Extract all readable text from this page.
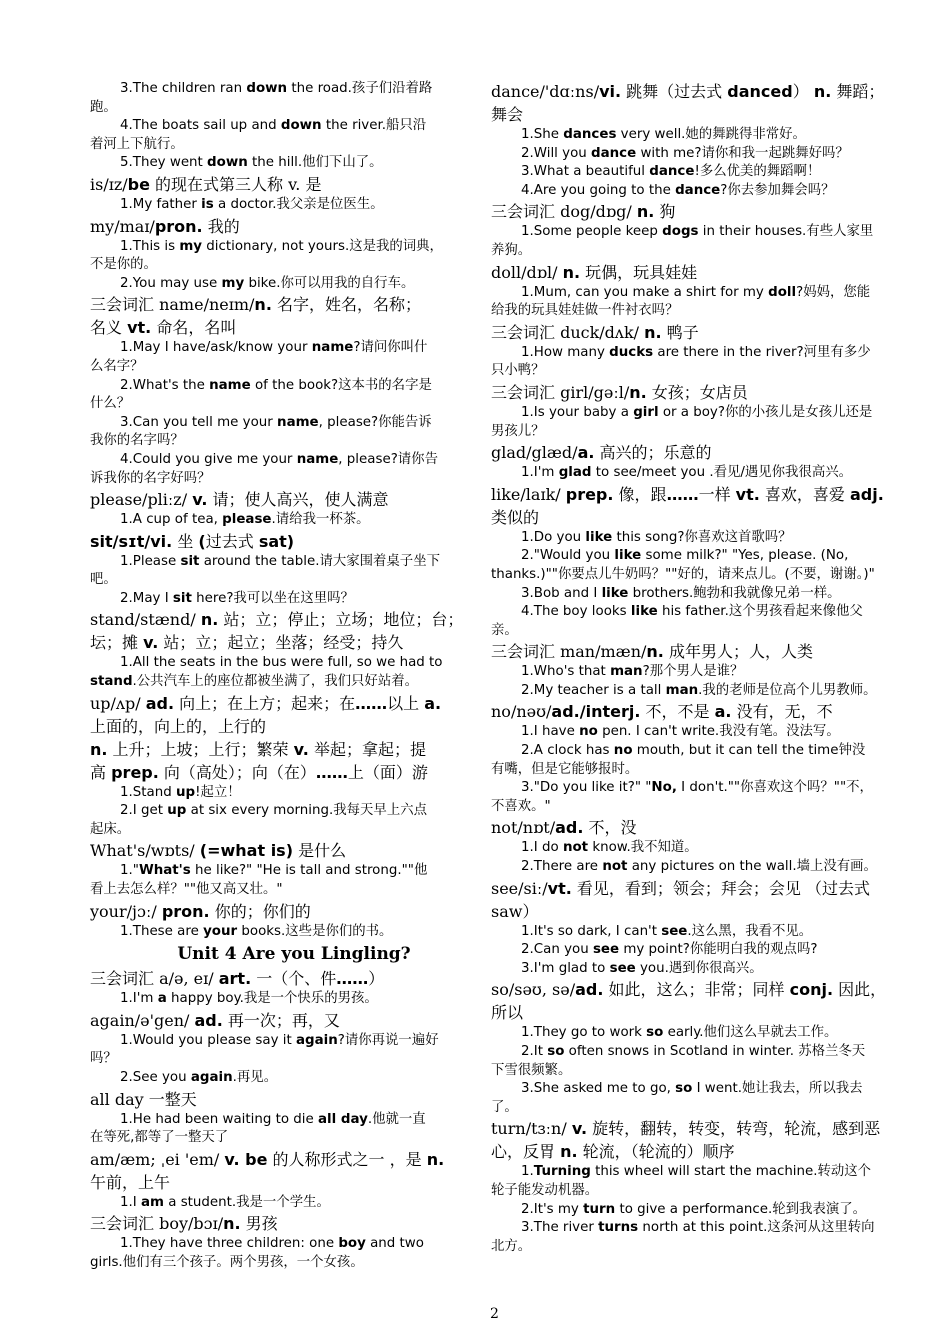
3.The children ran down the road.孩子们沿着路
跑。
4.The boats sail up and down the river.船只沿
着河上下航行。
5.They went down the hill.他们下山了。
is/ɪz/be 的现在式第三人称 v. 是
1.My father is a doctor.我父亲是位医生。
my/maɪ/pron. 我的
1.This is my dictionary, not yours.这是我的词典，
不是你的。
2.You may use my bike.你可以用我的自行车。
三会词汇 name/neɪm/n. 名字，姓名，名称；
名义 vt. 命名，名叫
1.May I have/ask/know your name?请问你叫什
么名字？
2.What's the name of the book?这本书的名字是
什么？
3.Can you tell me your name, please?你能告诉
我你的名字吗？
4.Could you give me your name, please?请你告
诉我你的名字好吗？
please/pliːz/ v. 请；使人高兴，使人满意
1.A cup of tea, please.请给我一杯茶。
sit/sɪt/vi. 坐 (过去式 sat)
1.Please sit around the table.请大家围着桌子坐下
吧。
2.May I sit here?我可以坐在这里吗？
stand/stænd/ n. 站；立；停止；立场；地位；台；
坛；摊 v. 站；立；起立；坐落；经受；持久
1.All the seats in the bus were full, so we had to
stand.公共汽车上的座位都被坐满了，我们只好站着。
up/ʌp/ ad. 向上；在上方；起来；在……以上 a.
上面的，向上的，上行的
n. 上升；上坡；上行；繁荣 v. 举起；拿起；提
高 prep. 向（高处）；向（在）……上（面）游
1.Stand up!起立！
2.I get up at six every morning.我每天早上六点
起床。
What's/wɒts/ (=what is) 是什么
1."What's he like?" "He is tall and strong.""他
看上去怎么样？""他又高又壮。"
your/jɔː/ pron. 你的；你们的
1.These are your books.这些是你们的书。
Unit 4 Are you Lingling?
三会词汇 a/ə, eɪ/ art. 一（个、件……）
1.I'm a happy boy.我是一个快乐的男孩。
again/ə'gen/ ad. 再一次；再，又
1.Would you please say it again?请你再说一遍好
吗？
2.See you again.再见。
all day 一整天
1.He had been waiting to die all day.他就一直
在等死,都等了一整天了
am/æm; ˌei 'em/ v. be 的人称形式之一 ，是 n.
午前，上午
1.I am a student.我是一个学生。
三会词汇 boy/bɔɪ/n. 男孩
1.They have three children: one boy and two
girls.他们有三个孩子。两个男孩，一个女孩。
dance/'dɑːns/vi. 跳舞（过去式 danced） n. 舞蹈；
舞会
1.She dances very well.她的舞跳得非常好。
2.Will you dance with me?请你和我一起跳舞好吗？
3.What a beautiful dance!多么优美的舞蹈啊！
4.Are you going to the dance?你去参加舞会吗？
三会词汇 dog/dɒg/ n. 狗
1.Some people keep dogs in their houses.有些人家里
养狗。
doll/dɒl/ n. 玩偶，玩具娃娃
1.Mum, can you make a shirt for my doll?妈妈，您能
给我的玩具娃娃做一件衬衣吗？
三会词汇 duck/dʌk/ n. 鸭子
1.How many ducks are there in the river?河里有多少
只小鸭？
三会词汇 girl/gəːl/n. 女孩；女店员
1.Is your baby a girl or a boy?你的小孩儿是女孩儿还是
男孩儿？
glad/glæd/a. 高兴的；乐意的
1.I'm glad to see/meet you .看见/遇见你我很高兴。
like/laɪk/ prep. 像，跟……一样 vt. 喜欢，喜爱 adj.
类似的
1.Do you like this song?你喜欢这首歌吗？
2."Would you like some milk?" "Yes, please. (No,
thanks.)""你要点儿牛奶吗？""好的，请来点儿。(不要，谢谢。)"
3.Bob and I like brothers.鲍勃和我就像兄弟一样。
4.The boy looks like his father.这个男孩看起来像他父
亲。
三会词汇 man/mæn/n. 成年男人；人，人类
1.Who's that man?那个男人是谁？
2.My teacher is a tall man.我的老师是位高个儿男教师。
no/nəʊ/ad./interj. 不，不是 a. 没有，无，不
1.I have no pen. I can't write.我没有笔。没法写。
2.A clock has no mouth, but it can tell the time钟没
有嘴，但是它能够报时。
3."Do you like it?" "No, I don't.""你喜欢这个吗？""不，
不喜欢。"
not/nɒt/ad. 不，没
1.I do not know.我不知道。
2.There are not any pictures on the wall.墙上没有画。
see/siː/vt. 看见，看到；领会；拜会；会见 （过去式
saw）
1.It's so dark, I can't see.这么黑，我看不见。
2.Can you see my point?你能明白我的观点吗?
3.I'm glad to see you.遇到你很高兴。
so/səʊ, sə/ad. 如此，这么；非常；同样 conj. 因此，
所以
1.They go to work so early.他们这么早就去工作。
2.It so often snows in Scotland in winter. 苏格兰冬天
下雪很频繁。
3.She asked me to go, so I went.她让我去，所以我去
了。
turn/tɜːn/ v. 旋转，翻转，转变，转弯，轮流，感到恶
心，反胃 n. 轮流，（轮流的）顺序
1.Turning this wheel will start the machine.转动这个
轮子能发动机器。
2.It's my turn to give a performance.轮到我表演了。
3.The river turns north at this point.这条河从这里转向
北方。
2
